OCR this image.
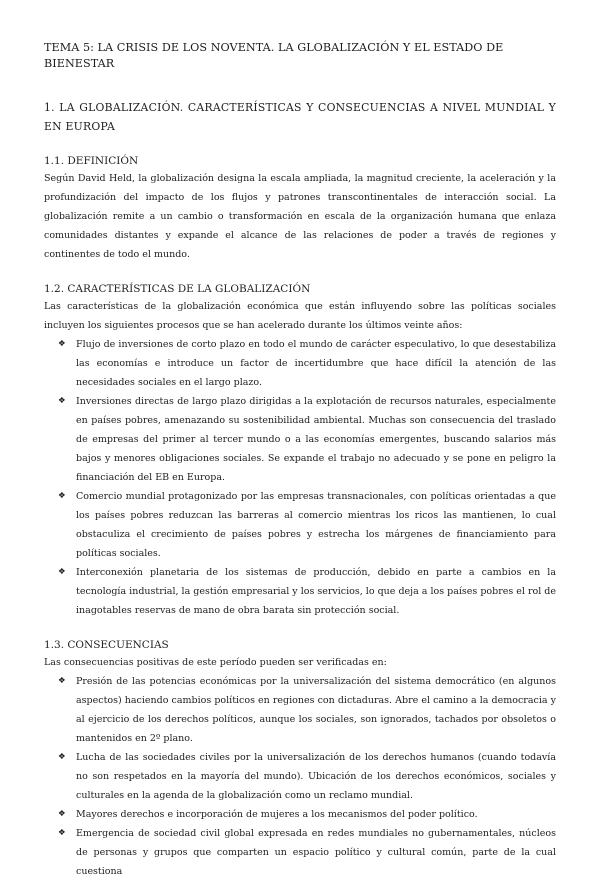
TEMA 5: LA CRISIS DE LOS NOVENTA. LA GLOBALIZACIÓN Y EL ESTADO DE BIENESTAR

1. LA GLOBALIZACIÓN. CARACTERÍSTICAS Y CONSECUENCIAS A NIVEL MUNDIAL Y EN EUROPA

1.1. DEFINICIÓN

Según David Held, la globalización designa la escala ampliada, la magnitud creciente, la aceleración y la profundización del impacto de los flujos y patrones transcontinentales de interacción social. La globalización remite a un cambio o transformación en escala de la organización humana que enlaza comunidades distantes y expande el alcance de las relaciones de poder a través de regiones y continentes de todo el mundo.

1.2. CARACTERÍSTICAS DE LA GLOBALIZACIÓN

Las características de la globalización económica que están influyendo sobre las políticas sociales incluyen los siguientes procesos que se han acelerado durante los últimos veinte años:

❖ Flujo de inversiones de corto plazo en todo el mundo de carácter especulativo, lo que desestabiliza las economías e introduce un factor de incertidumbre que hace difícil la atención de las necesidades sociales en el largo plazo.
❖ Inversiones directas de largo plazo dirigidas a la explotación de recursos naturales, especialmente en países pobres, amenazando su sostenibilidad ambiental. Muchas son consecuencia del traslado de empresas del primer al tercer mundo o a las economías emergentes, buscando salarios más bajos y menores obligaciones sociales. Se expande el trabajo no adecuado y se pone en peligro la financiación del EB en Europa.
❖ Comercio mundial protagonizado por las empresas transnacionales, con políticas orientadas a que los países pobres reduzcan las barreras al comercio mientras los ricos las mantienen, lo cual obstaculiza el crecimiento de países pobres y estrecha los márgenes de financiamiento para políticas sociales.
❖ Interconexión planetaria de los sistemas de producción, debido en parte a cambios en la tecnología industrial, la gestión empresarial y los servicios, lo que deja a los países pobres el rol de inagotables reservas de mano de obra barata sin protección social.

1.3. CONSECUENCIAS

Las consecuencias positivas de este período pueden ser verificadas en:

❖ Presión de las potencias económicas por la universalización del sistema democrático (en algunos aspectos) haciendo cambios políticos en regiones con dictaduras. Abre el camino a la democracia y al ejercicio de los derechos políticos, aunque los sociales, son ignorados, tachados por obsoletos o mantenidos en 2º plano.
❖ Lucha de las sociedades civiles por la universalización de los derechos humanos (cuando todavía no son respetados en la mayoría del mundo). Ubicación de los derechos económicos, sociales y culturales en la agenda de la globalización como un reclamo mundial.
❖ Mayores derechos e incorporación de mujeres a los mecanismos del poder político.
❖ Emergencia de sociedad civil global expresada en redes mundiales no gubernamentales, núcleos de personas y grupos que comparten un espacio político y cultural común, parte de la cual cuestiona
